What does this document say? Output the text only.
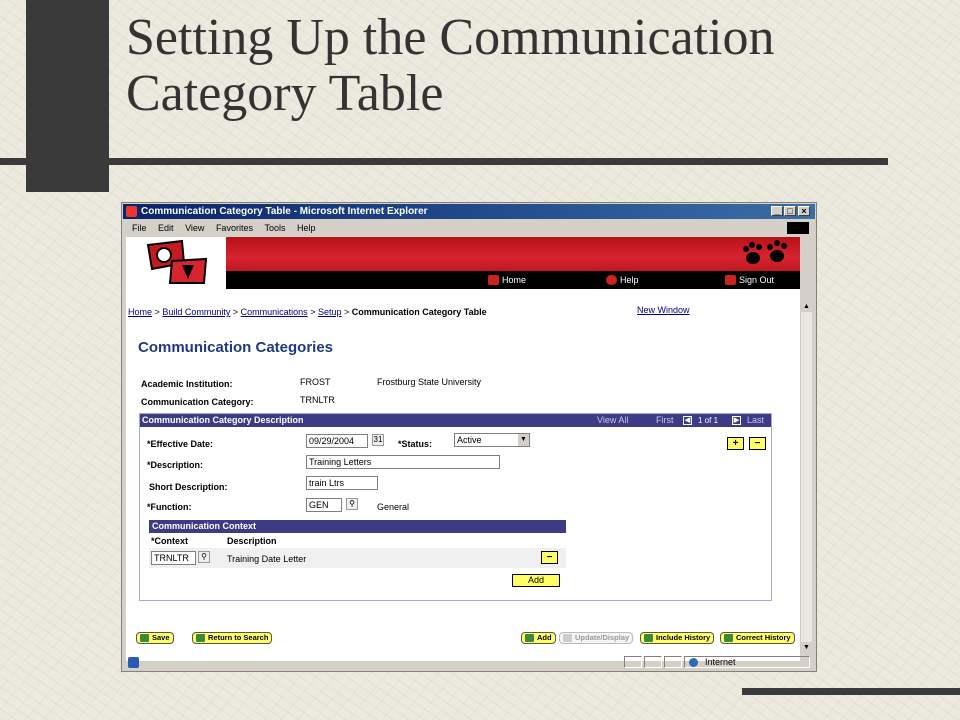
Setting Up the Communication Category Table
Communication Category Table - Microsoft Internet Explorer	_ □ ×
File Edit View Favorites Tools Help
Home	Help	Sign Out
Home > Build Community > Communications > Setup > Communication Category Table	New Window
Communication Categories
Academic Institution:	FROST	Frostburg State University
Communication Category:	TRNLTR
Communication Category Description	View All	First ◀ 1 of 1 ▶ Last
*Effective Date:	09/29/2004	31 *Status:	Active	▼	+	−
*Description:	Training Letters
Short Description:	train Ltrs
*Function:	GEN	⚲	General
Communication Context
*Context	Description
TRNLTR	⚲	Training Date Letter	−
Add
Save	Return to Search	Add	Update/Display	Include History	Correct History
▲
▼
Internet
